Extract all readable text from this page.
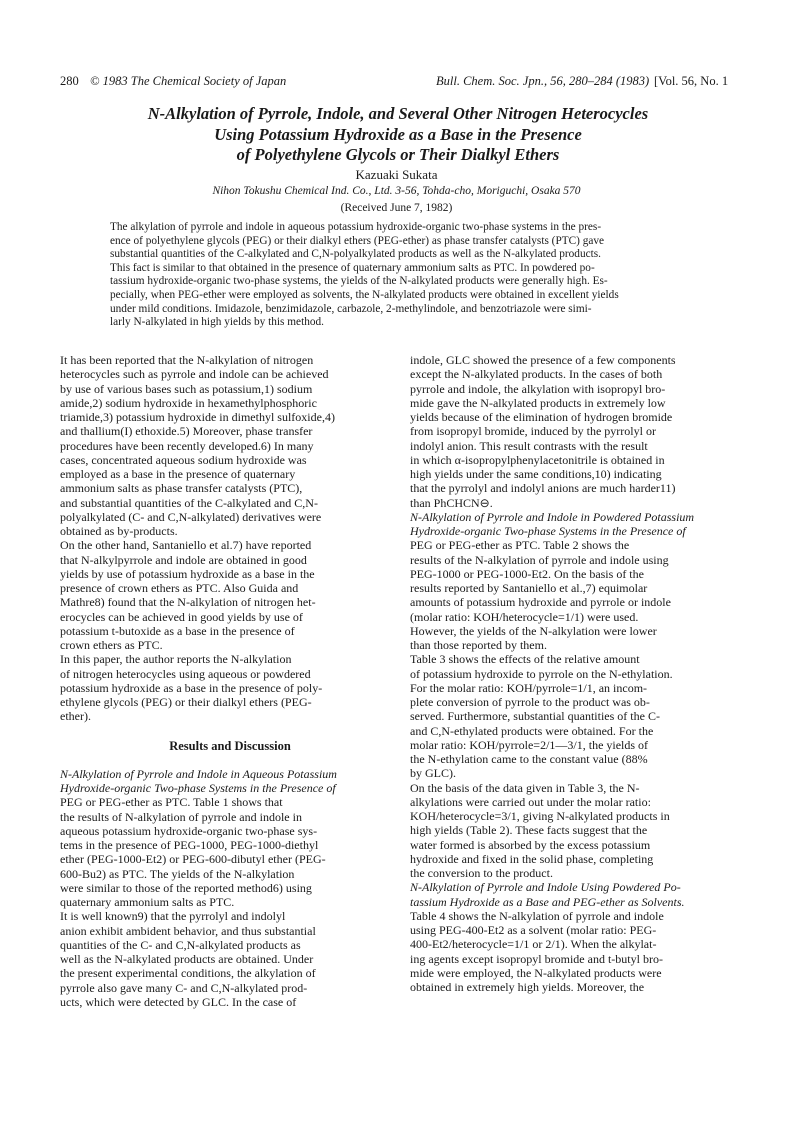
280 © 1983 The Chemical Society of Japan	Bull. Chem. Soc. Jpn., 56, 280–284 (1983) [Vol. 56, No. 1
N-Alkylation of Pyrrole, Indole, and Several Other Nitrogen Heterocycles
Using Potassium Hydroxide as a Base in the Presence
of Polyethylene Glycols or Their Dialkyl Ethers
Kazuaki Sukata
Nihon Tokushu Chemical Ind. Co., Ltd. 3-56, Tohda-cho, Moriguchi, Osaka 570
(Received June 7, 1982)
The alkylation of pyrrole and indole in aqueous potassium hydroxide-organic two-phase systems in the pres-
ence of polyethylene glycols (PEG) or their dialkyl ethers (PEG-ether) as phase transfer catalysts (PTC) gave
substantial quantities of the C-alkylated and C,N-polyalkylated products as well as the N-alkylated products.
This fact is similar to that obtained in the presence of quaternary ammonium salts as PTC. In powdered po-
tassium hydroxide-organic two-phase systems, the yields of the N-alkylated products were generally high. Es-
pecially, when PEG-ether were employed as solvents, the N-alkylated products were obtained in excellent yields
under mild conditions. Imidazole, benzimidazole, carbazole, 2-methylindole, and benzotriazole were simi-
larly N-alkylated in high yields by this method.
It has been reported that the N-alkylation of nitrogen
heterocycles such as pyrrole and indole can be achieved
by use of various bases such as potassium,1) sodium
amide,2) sodium hydroxide in hexamethylphosphoric
triamide,3) potassium hydroxide in dimethyl sulfoxide,4)
and thallium(I) ethoxide.5) Moreover, phase transfer
procedures have been recently developed.6) In many
cases, concentrated aqueous sodium hydroxide was
employed as a base in the presence of quaternary
ammonium salts as phase transfer catalysts (PTC),
and substantial quantities of the C-alkylated and C,N-
polyalkylated (C- and C,N-alkylated) derivatives were
obtained as by-products.
On the other hand, Santaniello et al.7) have reported
that N-alkylpyrrole and indole are obtained in good
yields by use of potassium hydroxide as a base in the
presence of crown ethers as PTC. Also Guida and
Mathre8) found that the N-alkylation of nitrogen het-
erocycles can be achieved in good yields by use of
potassium t-butoxide as a base in the presence of
crown ethers as PTC.
In this paper, the author reports the N-alkylation
of nitrogen heterocycles using aqueous or powdered
potassium hydroxide as a base in the presence of poly-
ethylene glycols (PEG) or their dialkyl ethers (PEG-
ether).
Results and Discussion
N-Alkylation of Pyrrole and Indole in Aqueous Potassium
Hydroxide-organic Two-phase Systems in the Presence of
PEG or PEG-ether as PTC. Table 1 shows that
the results of N-alkylation of pyrrole and indole in
aqueous potassium hydroxide-organic two-phase sys-
tems in the presence of PEG-1000, PEG-1000-diethyl
ether (PEG-1000-Et2) or PEG-600-dibutyl ether (PEG-
600-Bu2) as PTC. The yields of the N-alkylation
were similar to those of the reported method6) using
quaternary ammonium salts as PTC.
It is well known9) that the pyrrolyl and indolyl
anion exhibit ambident behavior, and thus substantial
quantities of the C- and C,N-alkylated products as
well as the N-alkylated products are obtained. Under
the present experimental conditions, the alkylation of
pyrrole also gave many C- and C,N-alkylated prod-
ucts, which were detected by GLC. In the case of
indole, GLC showed the presence of a few components
except the N-alkylated products. In the cases of both
pyrrole and indole, the alkylation with isopropyl bro-
mide gave the N-alkylated products in extremely low
yields because of the elimination of hydrogen bromide
from isopropyl bromide, induced by the pyrrolyl or
indolyl anion. This result contrasts with the result
in which α-isopropylphenylacetonitrile is obtained in
high yields under the same conditions,10) indicating
that the pyrrolyl and indolyl anions are much harder11)
than PhCHCN⊖.
N-Alkylation of Pyrrole and Indole in Powdered Potassium
Hydroxide-organic Two-phase Systems in the Presence of
PEG or PEG-ether as PTC. Table 2 shows the
results of the N-alkylation of pyrrole and indole using
PEG-1000 or PEG-1000-Et2. On the basis of the
results reported by Santaniello et al.,7) equimolar
amounts of potassium hydroxide and pyrrole or indole
(molar ratio: KOH/heterocycle=1/1) were used.
However, the yields of the N-alkylation were lower
than those reported by them.
Table 3 shows the effects of the relative amount
of potassium hydroxide to pyrrole on the N-ethylation.
For the molar ratio: KOH/pyrrole=1/1, an incom-
plete conversion of pyrrole to the product was ob-
served. Furthermore, substantial quantities of the C-
and C,N-ethylated products were obtained. For the
molar ratio: KOH/pyrrole=2/1—3/1, the yields of
the N-ethylation came to the constant value (88%
by GLC).
On the basis of the data given in Table 3, the N-
alkylations were carried out under the molar ratio:
KOH/heterocycle=3/1, giving N-alkylated products in
high yields (Table 2). These facts suggest that the
water formed is absorbed by the excess potassium
hydroxide and fixed in the solid phase, completing
the conversion to the product.
N-Alkylation of Pyrrole and Indole Using Powdered Po-
tassium Hydroxide as a Base and PEG-ether as Solvents.
Table 4 shows the N-alkylation of pyrrole and indole
using PEG-400-Et2 as a solvent (molar ratio: PEG-
400-Et2/heterocycle=1/1 or 2/1). When the alkylat-
ing agents except isopropyl bromide and t-butyl bro-
mide were employed, the N-alkylated products were
obtained in extremely high yields. Moreover, the
